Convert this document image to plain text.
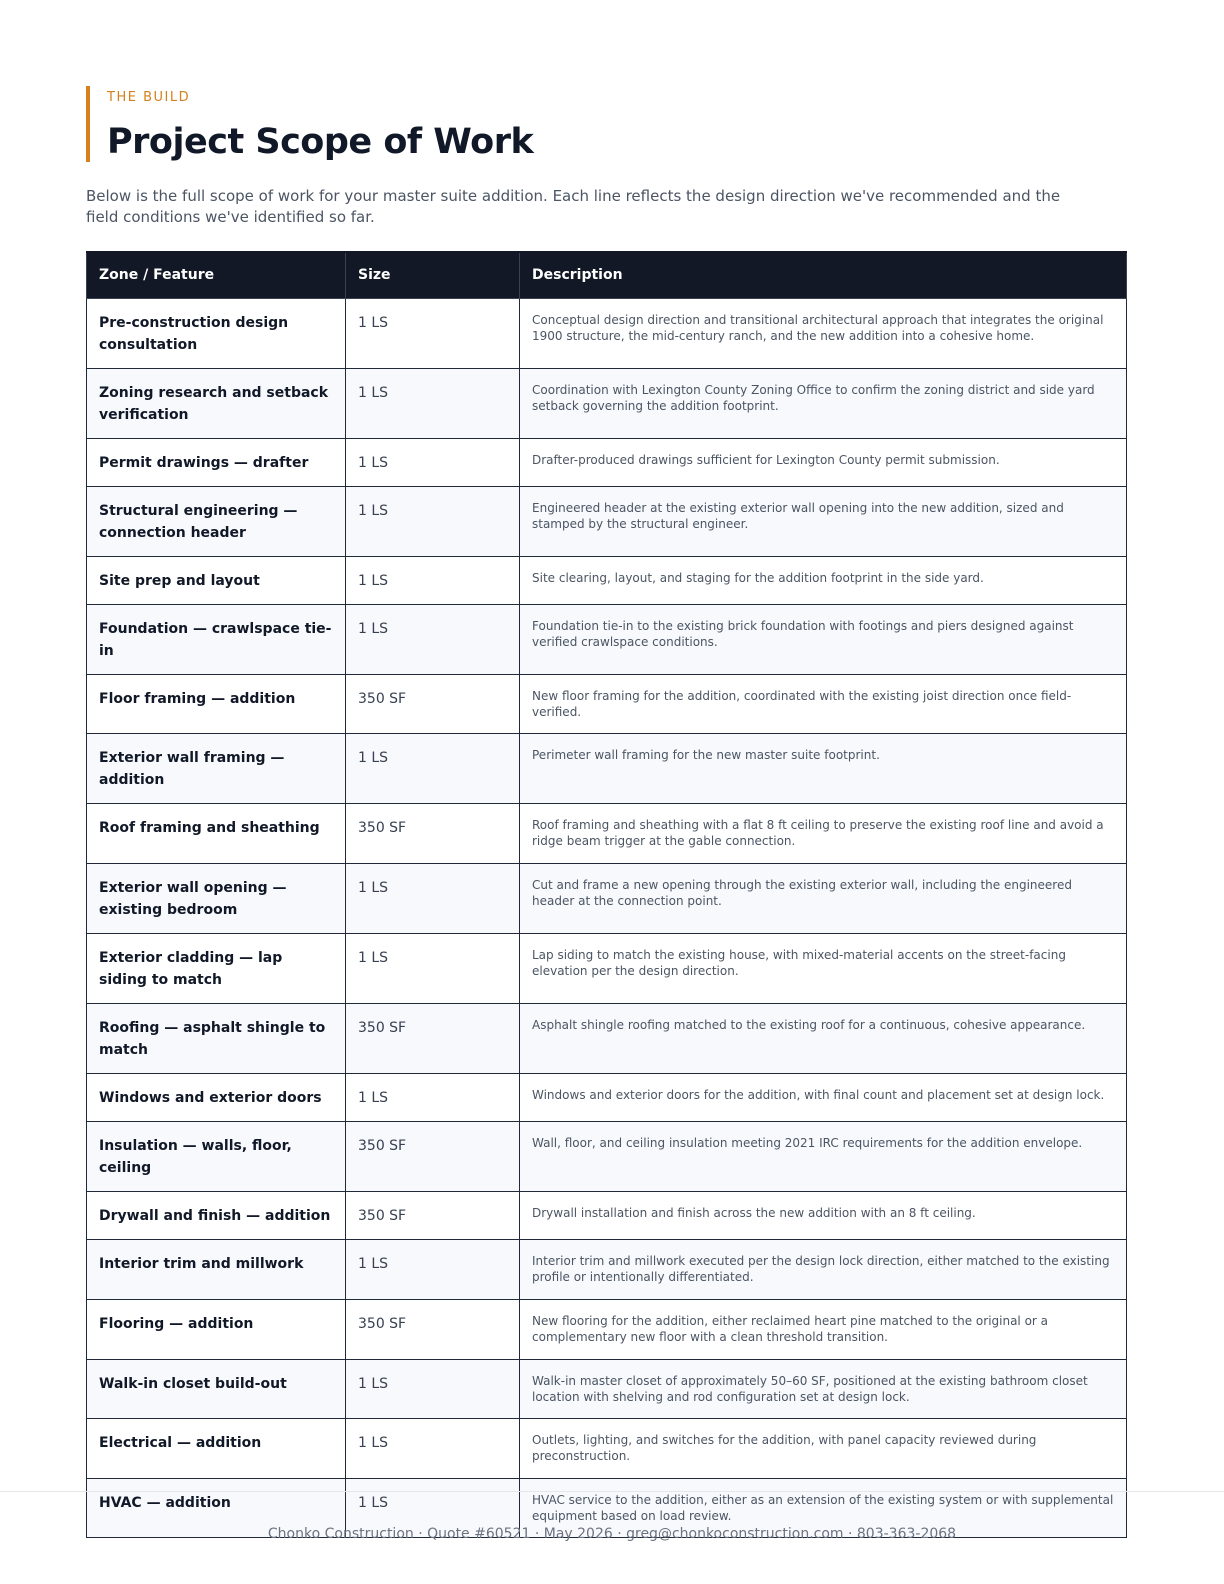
THE BUILD
Project Scope of Work
Below is the full scope of work for your master suite addition. Each line reflects the design direction we've recommended and the field conditions we've identified so far.
Zone / Feature	Size	Description
Pre-construction design consultation	1 LS	Conceptual design direction and transitional architectural approach that integrates the original 1900 structure, the mid-century ranch, and the new addition into a cohesive home.
Zoning research and setback verification	1 LS	Coordination with Lexington County Zoning Office to confirm the zoning district and side yard setback governing the addition footprint.
Permit drawings — drafter	1 LS	Drafter-produced drawings sufficient for Lexington County permit submission.
Structural engineering — connection header	1 LS	Engineered header at the existing exterior wall opening into the new addition, sized and stamped by the structural engineer.
Site prep and layout	1 LS	Site clearing, layout, and staging for the addition footprint in the side yard.
Foundation — crawlspace tie-in	1 LS	Foundation tie-in to the existing brick foundation with footings and piers designed against verified crawlspace conditions.
Floor framing — addition	350 SF	New floor framing for the addition, coordinated with the existing joist direction once field-verified.
Exterior wall framing — addition	1 LS	Perimeter wall framing for the new master suite footprint.
Roof framing and sheathing	350 SF	Roof framing and sheathing with a flat 8 ft ceiling to preserve the existing roof line and avoid a ridge beam trigger at the gable connection.
Exterior wall opening — existing bedroom	1 LS	Cut and frame a new opening through the existing exterior wall, including the engineered header at the connection point.
Exterior cladding — lap siding to match	1 LS	Lap siding to match the existing house, with mixed-material accents on the street-facing elevation per the design direction.
Roofing — asphalt shingle to match	350 SF	Asphalt shingle roofing matched to the existing roof for a continuous, cohesive appearance.
Windows and exterior doors	1 LS	Windows and exterior doors for the addition, with final count and placement set at design lock.
Insulation — walls, floor, ceiling	350 SF	Wall, floor, and ceiling insulation meeting 2021 IRC requirements for the addition envelope.
Drywall and finish — addition	350 SF	Drywall installation and finish across the new addition with an 8 ft ceiling.
Interior trim and millwork	1 LS	Interior trim and millwork executed per the design lock direction, either matched to the existing profile or intentionally differentiated.
Flooring — addition	350 SF	New flooring for the addition, either reclaimed heart pine matched to the original or a complementary new floor with a clean threshold transition.
Walk-in closet build-out	1 LS	Walk-in master closet of approximately 50–60 SF, positioned at the existing bathroom closet location with shelving and rod configuration set at design lock.
Electrical — addition	1 LS	Outlets, lighting, and switches for the addition, with panel capacity reviewed during preconstruction.
HVAC — addition	1 LS	HVAC service to the addition, either as an extension of the existing system or with supplemental equipment based on load review.
Chonko Construction · Quote #60521 · May 2026 · greg@chonkoconstruction.com · 803-363-2068
